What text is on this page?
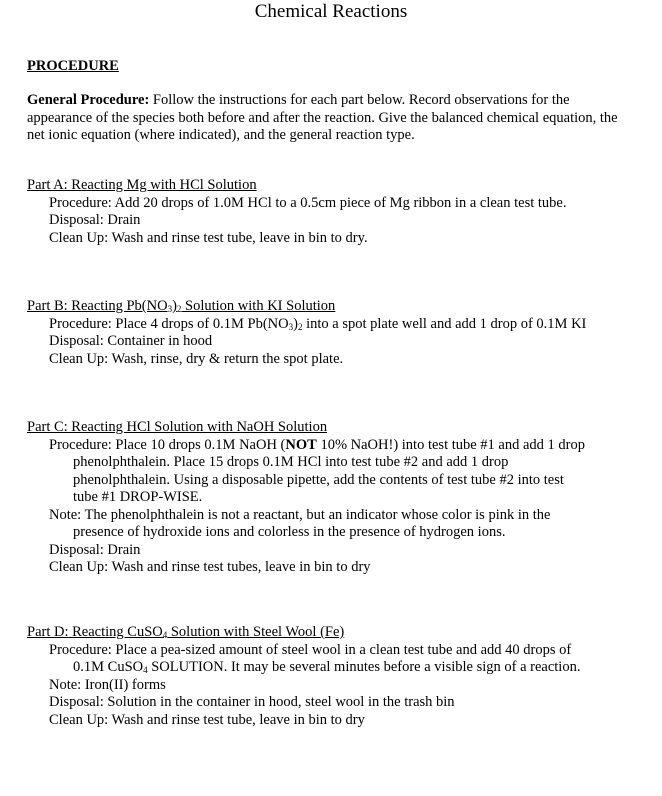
Chemical Reactions
PROCEDURE
General Procedure: Follow the instructions for each part below. Record observations for the appearance of the species both before and after the reaction. Give the balanced chemical equation, the net ionic equation (where indicated), and the general reaction type.
Part A: Reacting Mg with HCl Solution
Procedure: Add 20 drops of 1.0M HCl to a 0.5cm piece of Mg ribbon in a clean test tube.
Disposal: Drain
Clean Up: Wash and rinse test tube, leave in bin to dry.
Part B: Reacting $Pb(NO_3)_2$ Solution with KI Solution
Procedure: Place 4 drops of 0.1M $Pb(NO_3)_2$ into a spot plate well and add 1 drop of 0.1M KI
Disposal: Container in hood
Clean Up: Wash, rinse, dry & return the spot plate.
Part C: Reacting HCl Solution with NaOH Solution
Procedure: Place 10 drops 0.1M NaOH (NOT 10% NaOH!) into test tube #1 and add 1 drop
phenolphthalein. Place 15 drops 0.1M HCl into test tube #2 and add 1 drop
phenolphthalein. Using a disposable pipette, add the contents of test tube #2 into test
tube #1 DROP-WISE.
Note: The phenolphthalein is not a reactant, but an indicator whose color is pink in the
presence of hydroxide ions and colorless in the presence of hydrogen ions.
Disposal: Drain
Clean Up: Wash and rinse test tubes, leave in bin to dry
Part D: Reacting CuSO$_4$ Solution with Steel Wool (Fe)
Procedure: Place a pea-sized amount of steel wool in a clean test tube and add 40 drops of
0.1M CuSO$_4$ SOLUTION. It may be several minutes before a visible sign of a reaction.
Note: Iron(II) forms
Disposal: Solution in the container in hood, steel wool in the trash bin
Clean Up: Wash and rinse test tube, leave in bin to dry
